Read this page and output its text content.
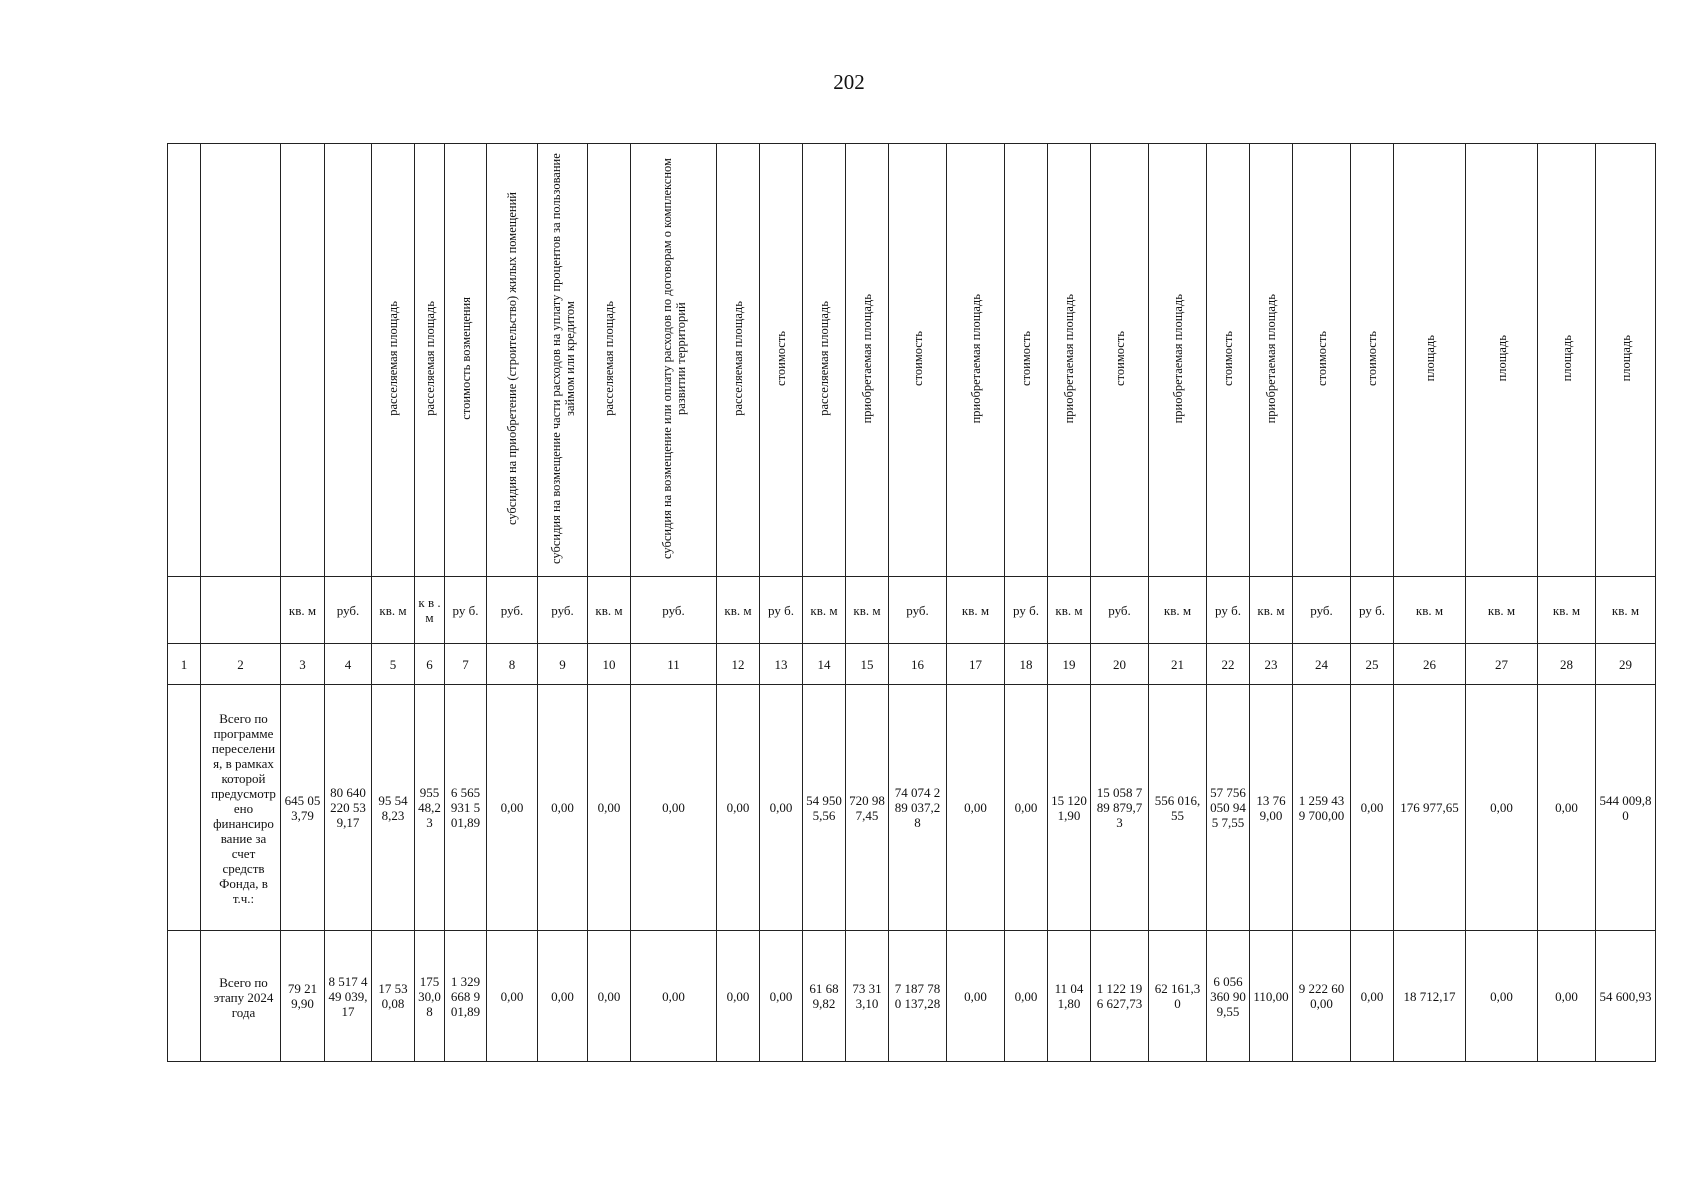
202
				расселяемая площадь	расселяемая площадь	стоимость возмещения	субсидия на приобретение (строительство) жилых помещений	субсидия на возмещение части расходов на уплату процентов за пользование займом или кредитом	расселяемая площадь	субсидия на возмещение или оплату расходов по договорам о комплексном развитии территорий	расселяемая площадь	стоимость	расселяемая площадь	приобретаемая площадь	стоимость	приобретаемая площадь	стоимость	приобретаемая площадь	стоимость	приобретаемая площадь	стоимость	приобретаемая площадь	стоимость	стоимость	площадь	площадь	площадь	площадь

		кв. м	руб.	кв. м	к в . м	ру б.	руб.	руб.	кв. м	руб.	кв. м	ру б.	кв. м	кв. м	руб.	кв. м	ру б.	кв. м	руб.	кв. м	ру б.	кв. м	руб.	ру б.	кв. м	кв. м	кв. м	кв. м

1	2	3	4	5	6	7	8	9	10	11	12	13	14	15	16	17	18	19	20	21	22	23	24	25	26	27	28	29

	Всего по программе переселения, в рамках которой предусмотрено финансирование за счет средств Фонда, в т.ч.:	645 053,79	80 640 220 539,17	95 548,23	955 48,23	6 565 931 501,89	0,00	0,00	0,00	0,00	0,00	0,00	54 950 5,56	720 987,45	74 074 289 037,28	0,00	0,00	15 120 1,90	15 058 789 879,73	556 016,55	57 756 050 945 7,55	13 769,00	1 259 439 700,00	0,00	176 977,65	0,00	0,00	544 009,80

	Всего по этапу 2024 года	79 219,90	8 517 449 039,17	17 530,08	175 30,08	1 329 668 901,89	0,00	0,00	0,00	0,00	0,00	0,00	61 689,82	73 313,10	7 187 780 137,28	0,00	0,00	11 041,80	1 122 196 627,73	62 161,30	6 056 360 909,55	110,00	9 222 600,00	0,00	18 712,17	0,00	0,00	54 600,93
